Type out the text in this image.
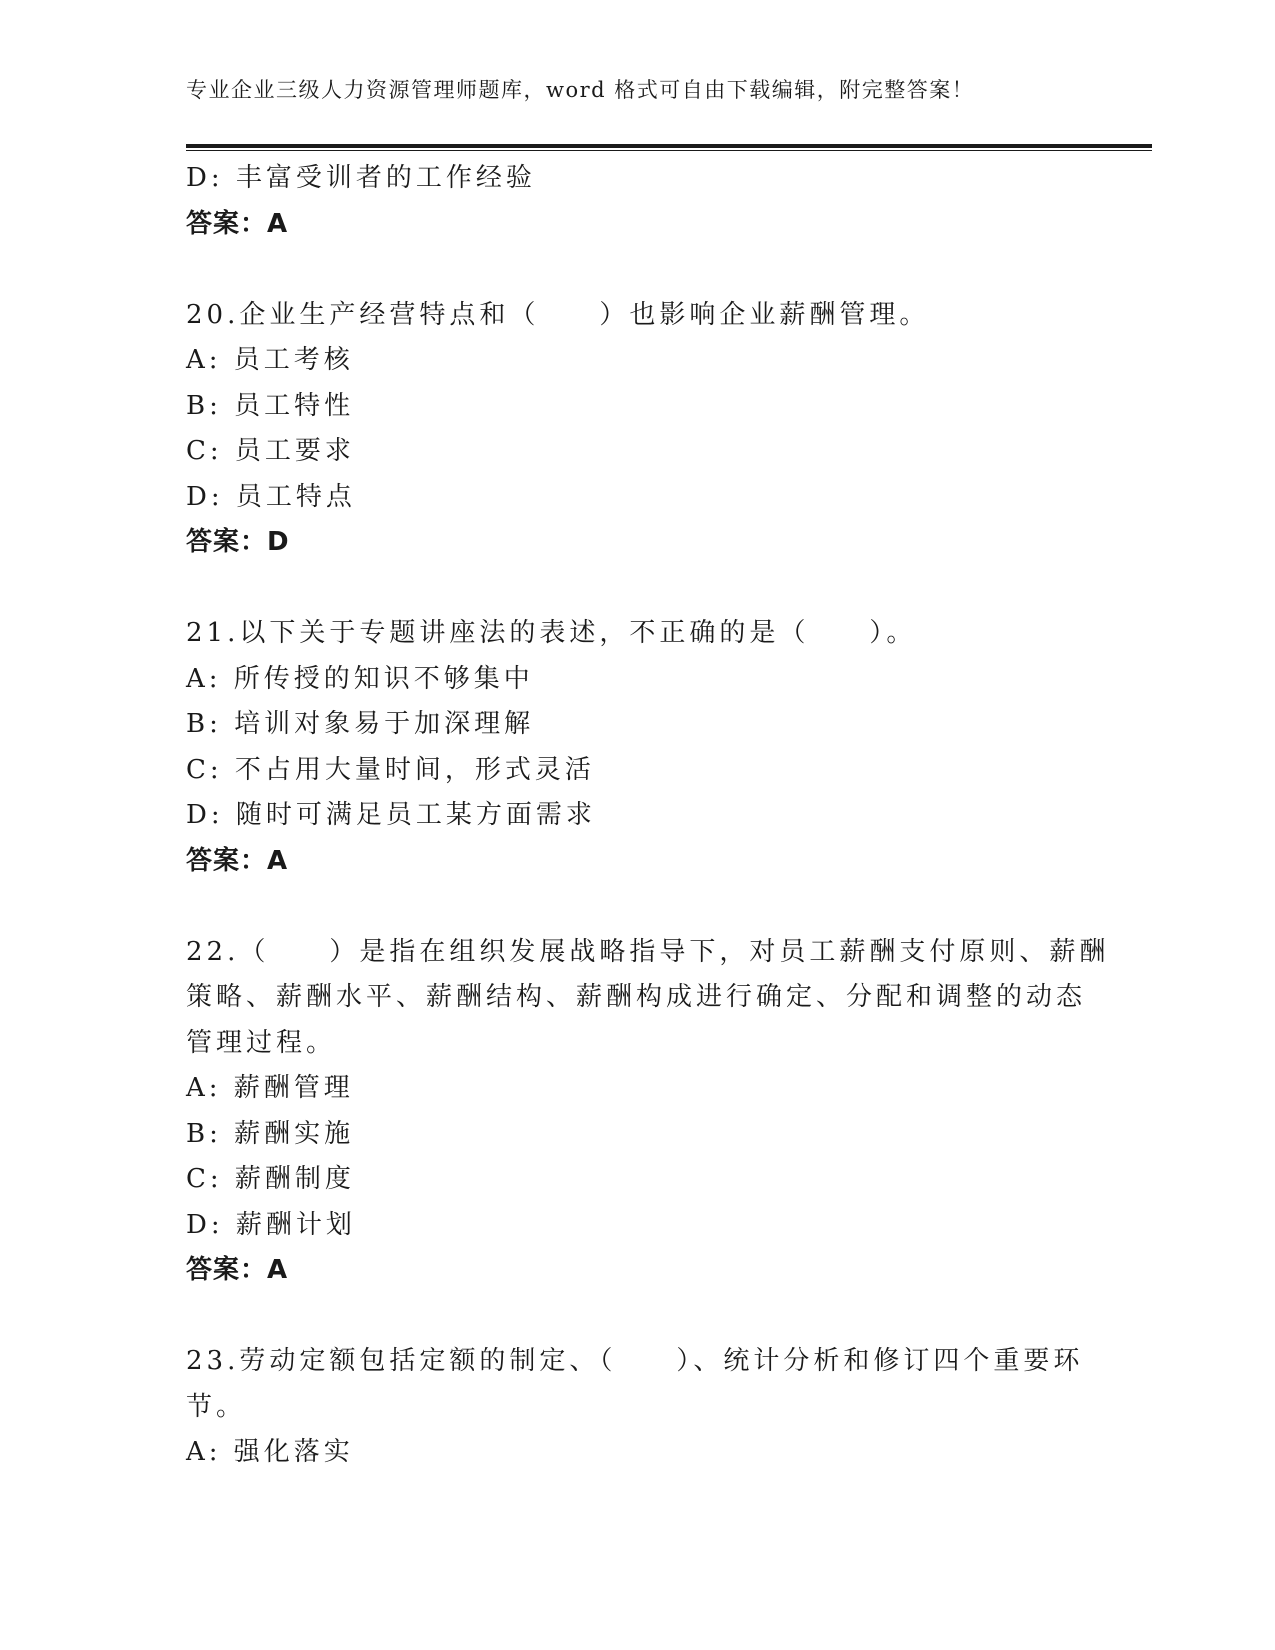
专业企业三级人力资源管理师题库，word 格式可自由下载编辑，附完整答案！
D: 丰富受训者的工作经验
答案：A
20.企业生产经营特点和（　　）也影响企业薪酬管理。
A: 员工考核
B: 员工特性
C: 员工要求
D: 员工特点
答案：D
21.以下关于专题讲座法的表述，不正确的是（　　）。
A: 所传授的知识不够集中
B: 培训对象易于加深理解
C: 不占用大量时间，形式灵活
D: 随时可满足员工某方面需求
答案：A
22.（　　）是指在组织发展战略指导下，对员工薪酬支付原则、薪酬
策略、薪酬水平、薪酬结构、薪酬构成进行确定、分配和调整的动态
管理过程。
A: 薪酬管理
B: 薪酬实施
C: 薪酬制度
D: 薪酬计划
答案：A
23.劳动定额包括定额的制定、（　　）、统计分析和修订四个重要环
节。
A: 强化落实
